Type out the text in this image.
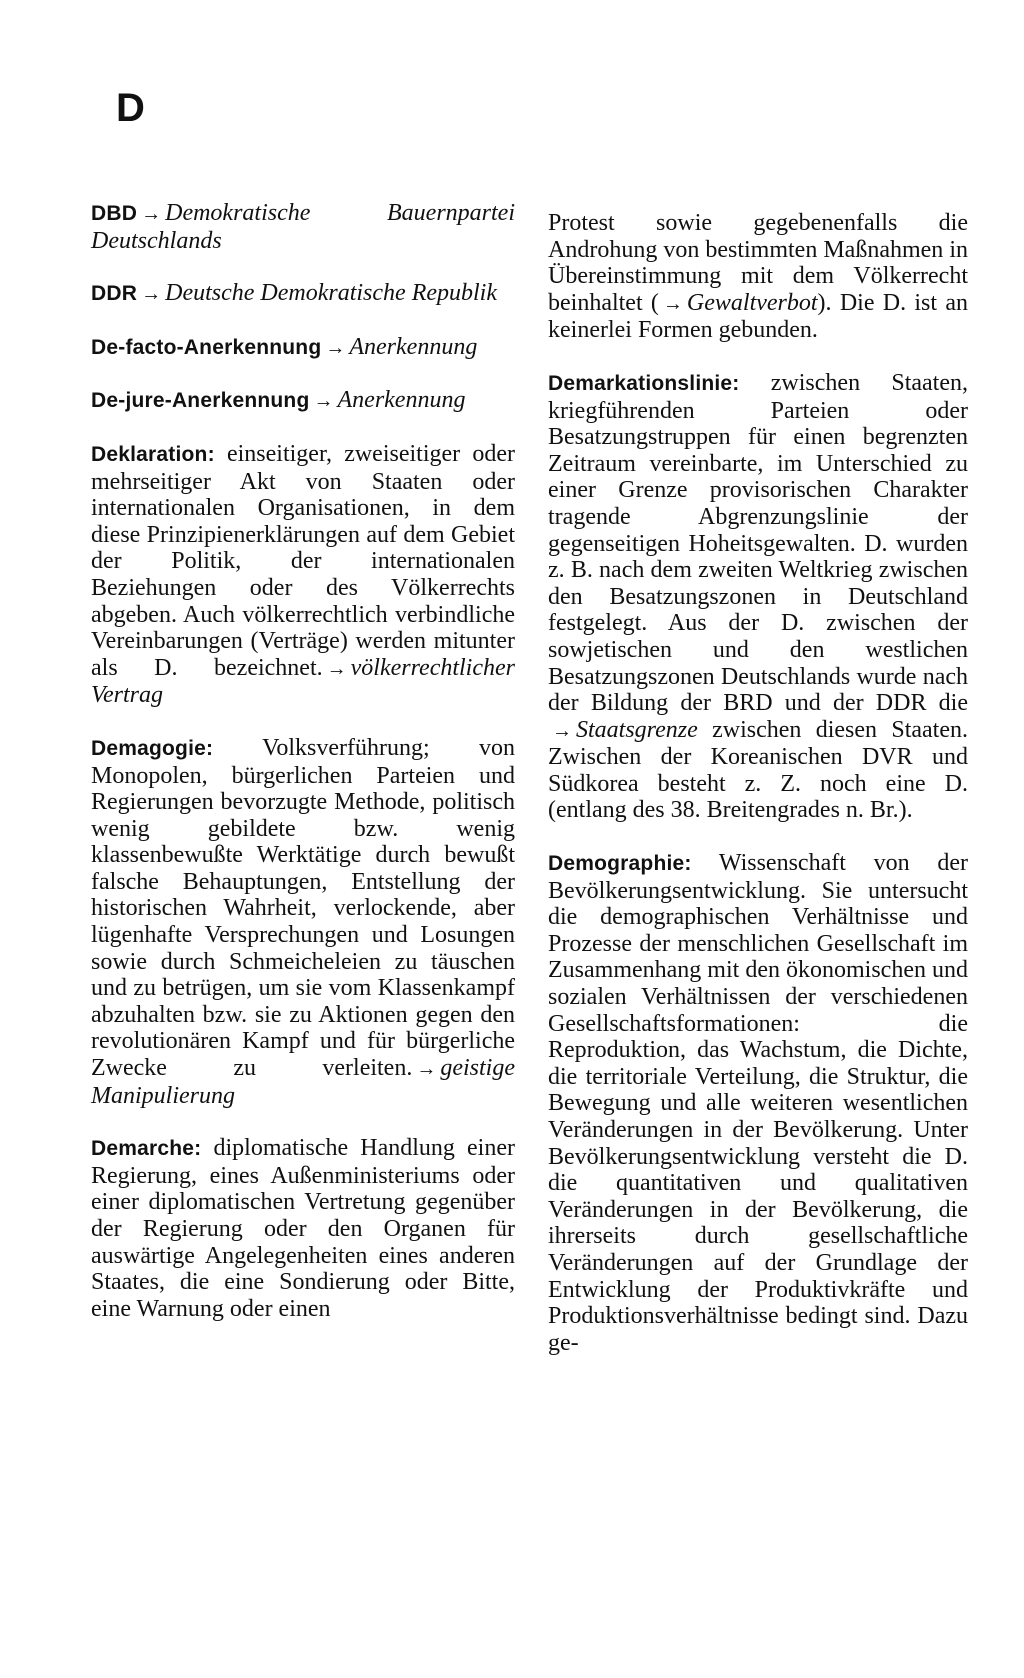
D

DBD → Demokratische Bauernpartei Deutschlands

DDR → Deutsche Demokratische Republik

De-facto-Anerkennung → Anerkennung

De-jure-Anerkennung → Anerkennung

Deklaration: einseitiger, zweiseitiger oder mehrseitiger Akt von Staaten oder internationalen Organisationen, in dem diese Prinzipienerklärungen auf dem Gebiet der Politik, der internationalen Beziehungen oder des Völkerrechts abgeben. Auch völkerrechtlich verbindliche Vereinbarungen (Verträge) werden mitunter als D. bezeichnet. → völkerrechtlicher Vertrag

Demagogie: Volksverführung; von Monopolen, bürgerlichen Parteien und Regierungen bevorzugte Methode, politisch wenig gebildete bzw. wenig klassenbewußte Werktätige durch bewußt falsche Behauptungen, Entstellung der historischen Wahrheit, verlockende, aber lügenhafte Versprechungen und Losungen sowie durch Schmeicheleien zu täuschen und zu betrügen, um sie vom Klassenkampf abzuhalten bzw. sie zu Aktionen gegen den revolutionären Kampf und für bürgerliche Zwecke zu verleiten. → geistige Manipulierung

Demarche: diplomatische Handlung einer Regierung, eines Außenministeriums oder einer diplomatischen Vertretung gegenüber der Regierung oder den Organen für auswärtige Angelegenheiten eines anderen Staates, die eine Sondierung oder Bitte, eine Warnung oder einen

Protest sowie gegebenenfalls die Androhung von bestimmten Maßnahmen in Übereinstimmung mit dem Völkerrecht beinhaltet ( → Gewaltverbot). Die D. ist an keinerlei Formen gebunden.

Demarkationslinie: zwischen Staaten, kriegführenden Parteien oder Besatzungstruppen für einen begrenzten Zeitraum vereinbarte, im Unterschied zu einer Grenze provisorischen Charakter tragende Abgrenzungslinie der gegenseitigen Hoheitsgewalten. D. wurden z. B. nach dem zweiten Weltkrieg zwischen den Besatzungszonen in Deutschland festgelegt. Aus der D. zwischen der sowjetischen und den westlichen Besatzungszonen Deutschlands wurde nach der Bildung der BRD und der DDR die → Staatsgrenze zwischen diesen Staaten. Zwischen der Koreanischen DVR und Südkorea besteht z. Z. noch eine D. (entlang des 38. Breitengrades n. Br.).

Demographie: Wissenschaft von der Bevölkerungsentwicklung. Sie untersucht die demographischen Verhältnisse und Prozesse der menschlichen Gesellschaft im Zusammenhang mit den ökonomischen und sozialen Verhältnissen der verschiedenen Gesellschaftsformationen: die Reproduktion, das Wachstum, die Dichte, die territoriale Verteilung, die Struktur, die Bewegung und alle weiteren wesentlichen Veränderungen in der Bevölkerung. Unter Bevölkerungsentwicklung versteht die D. die quantitativen und qualitativen Veränderungen in der Bevölkerung, die ihrerseits durch gesellschaftliche Veränderungen auf der Grundlage der Entwicklung der Produktivkräfte und Produktionsverhältnisse bedingt sind. Dazu ge-
